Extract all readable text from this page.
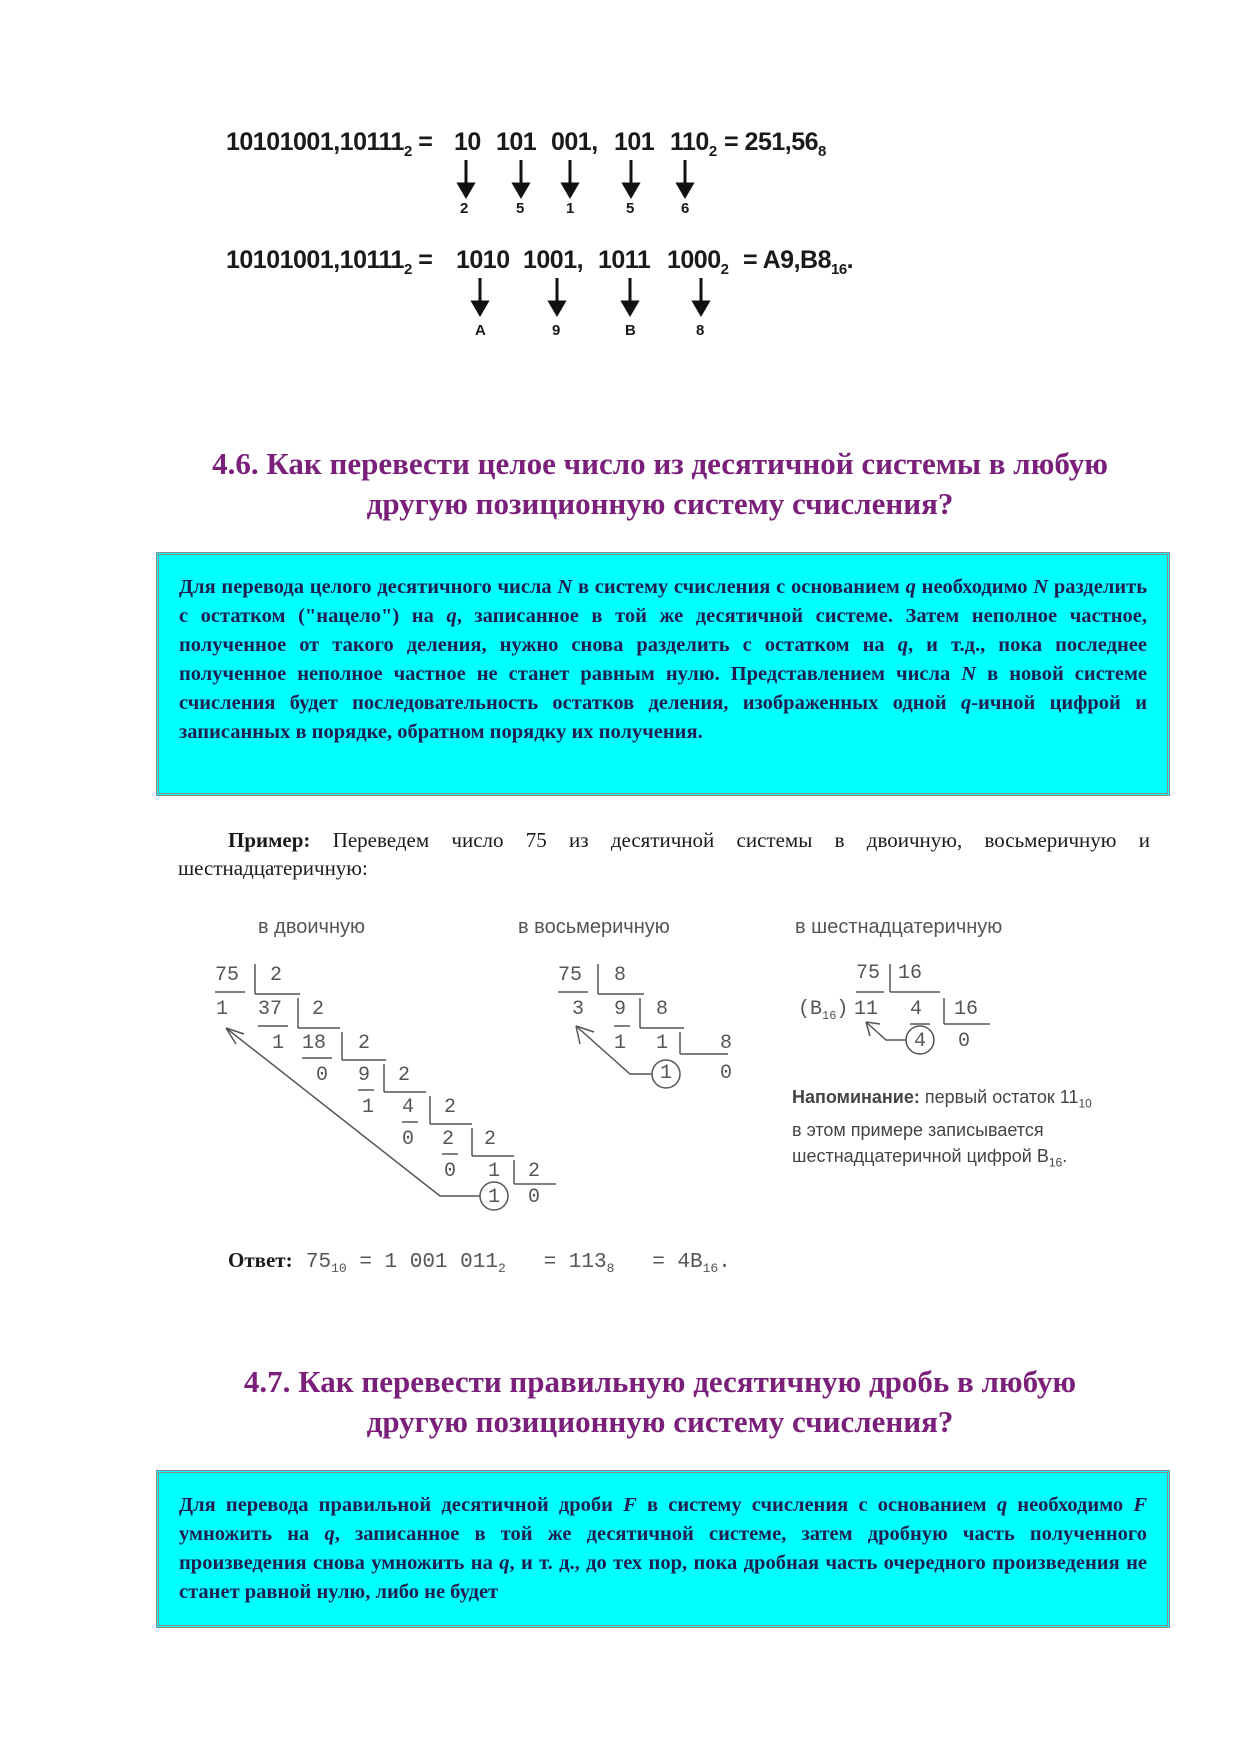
$10101001,10111_2 = 10$ 101 001, 101 $110_2 = 251,56_8$
2	5	1	5	6
$10101001,10111_2 = 1010$ 1001, 1011 $1000_2 = A9,B8_{16}$.
A	9	B	8
4.6. Как перевести целое число из десятичной системы в любую
другую позиционную систему счисления?

Для перевода целого десятичного числа N в систему счисления с основанием q необходимо N разделить с остатком ("нацело") на q, записанное в той же десятичной системе. Затем неполное частное, полученное от такого деления, нужно снова разделить с остатком на q, и т.д., пока последнее полученное неполное частное не станет равным нулю. Представлением числа N в новой системе счисления будет последовательность остатков деления, изображенных одной q-ичной цифрой и записанных в порядке, обратном порядку их получения.

Пример: Переведем число 75 из десятичной системы в двоичную, восьмеричную и шестнадцатеричную:
в двоичную	в восьмеричную	в шестнадцатеричную
75 2
1 37 2
1 18 2
0 9 2
1 4 2
0 2 2
0 1 2
1 0
75 8
3 9 8
1 1	8
1 0
75 16
$(B_{16})$ 11 4 16
4 0
Напоминание: первый остаток $11_{10}$
в этом примере записывается
шестнадцатеричной цифрой $B_{16}$.
Ответ: $75_{10} = 1$ 001 $011_2 = 113_8 = 4B_{16}$.
4.7. Как перевести правильную десятичную дробь в любую
другую позиционную систему счисления?

Для перевода правильной десятичной дроби F в систему счисления с основанием q необходимо F умножить на q, записанное в той же десятичной системе, затем дробную часть полученного произведения снова умножить на q, и т. д., до тех пор, пока дробная часть очередного произведения не станет равной нулю, либо не будет
